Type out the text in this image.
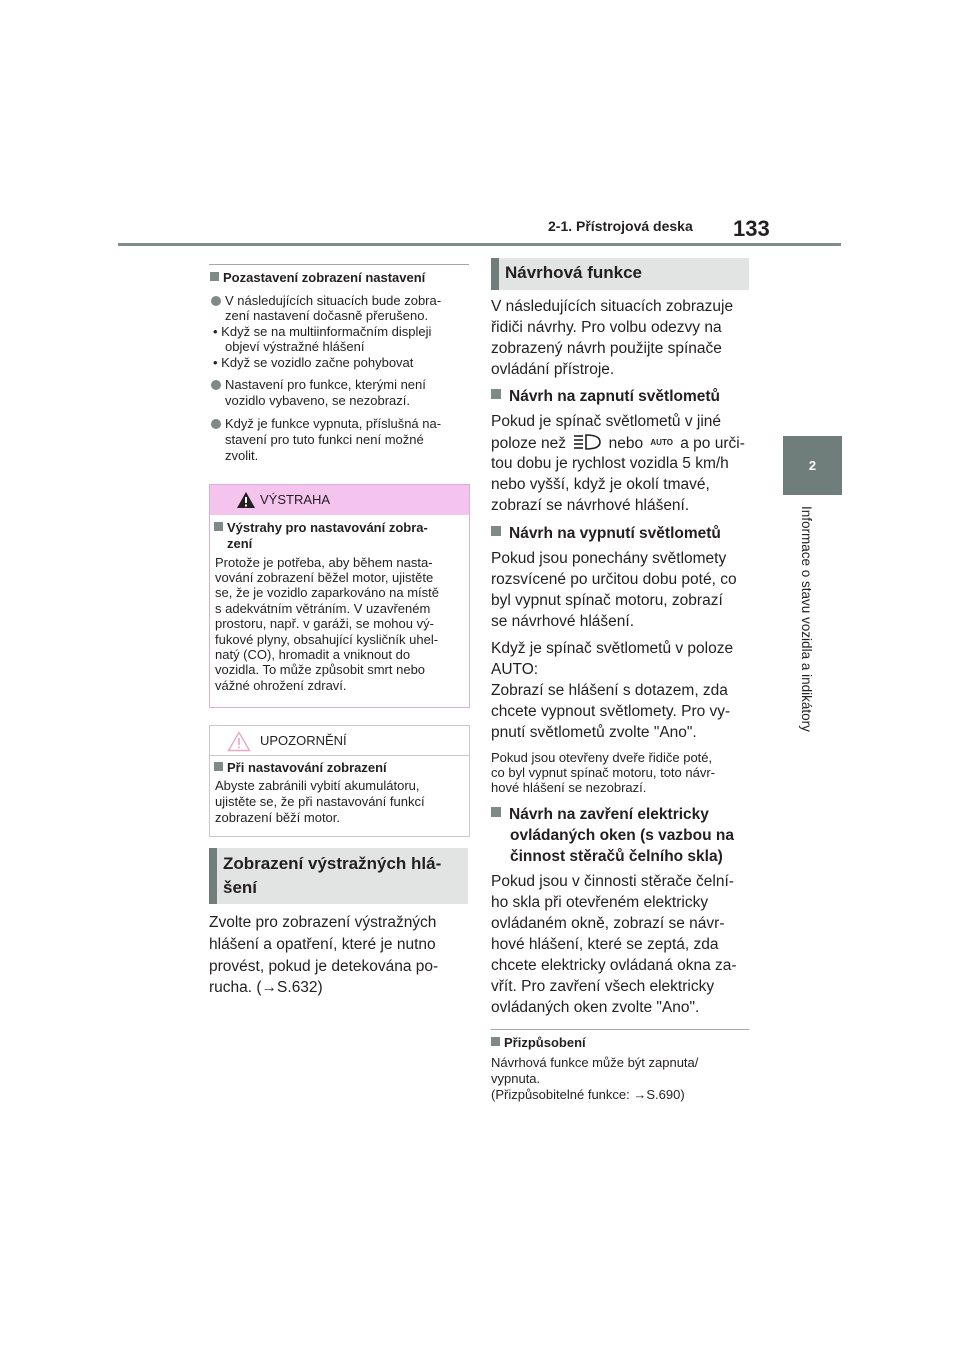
2-1. Přístrojová deska 133
2
Informace o stavu vozidla a indikátory
Pozastavení zobrazení nastavení
V následujících situacích bude zobra-
zení nastavení dočasně přerušeno.
• Když se na multiinformačním displeji
objeví výstražné hlášení
• Když se vozidlo začne pohybovat
Nastavení pro funkce, kterými není
vozidlo vybaveno, se nezobrazí.
Když je funkce vypnuta, příslušná na-
stavení pro tuto funkci není možné
zvolit.
VÝSTRAHA
Výstrahy pro nastavování zobra-
zení
Protože je potřeba, aby během nasta-
vování zobrazení běžel motor, ujistěte
se, že je vozidlo zaparkováno na místě
s adekvátním větráním. V uzavřeném
prostoru, např. v garáži, se mohou vý-
fukové plyny, obsahující kysličník uhel-
natý (CO), hromadit a vniknout do
vozidla. To může způsobit smrt nebo
vážné ohrožení zdraví.
UPOZORNĚNÍ
Při nastavování zobrazení
Abyste zabránili vybití akumulátoru,
ujistěte se, že při nastavování funkcí
zobrazení běží motor.
Zobrazení výstražných hlá-
šení
Zvolte pro zobrazení výstražných
hlášení a opatření, které je nutno
provést, pokud je detekována po-
rucha. (→S.632)
Návrhová funkce
V následujících situacích zobrazuje
řidiči návrhy. Pro volbu odezvy na
zobrazený návrh použijte spínače
ovládání přístroje.
Návrh na zapnutí světlometů
Pokud je spínač světlometů v jiné
poloze než	nebo AUTO a po urči-
tou dobu je rychlost vozidla 5 km/h
nebo vyšší, když je okolí tmavé,
zobrazí se návrhové hlášení.
Návrh na vypnutí světlometů
Pokud jsou ponechány světlomety
rozsvícené po určitou dobu poté, co
byl vypnut spínač motoru, zobrazí
se návrhové hlášení.
Když je spínač světlometů v poloze
AUTO:
Zobrazí se hlášení s dotazem, zda
chcete vypnout světlomety. Pro vy-
pnutí světlometů zvolte "Ano".
Pokud jsou otevřeny dveře řidiče poté,
co byl vypnut spínač motoru, toto návr-
hové hlášení se nezobrazí.
Návrh na zavření elektricky
ovládaných oken (s vazbou na
činnost stěračů čelního skla)
Pokud jsou v činnosti stěrače čelní-
ho skla při otevřeném elektricky
ovládaném okně, zobrazí se návr-
hové hlášení, které se zeptá, zda
chcete elektricky ovládaná okna za-
vřít. Pro zavření všech elektricky
ovládaných oken zvolte "Ano".
Přizpůsobení
Návrhová funkce může být zapnuta/
vypnuta.
(Přizpůsobitelné funkce: →S.690)
